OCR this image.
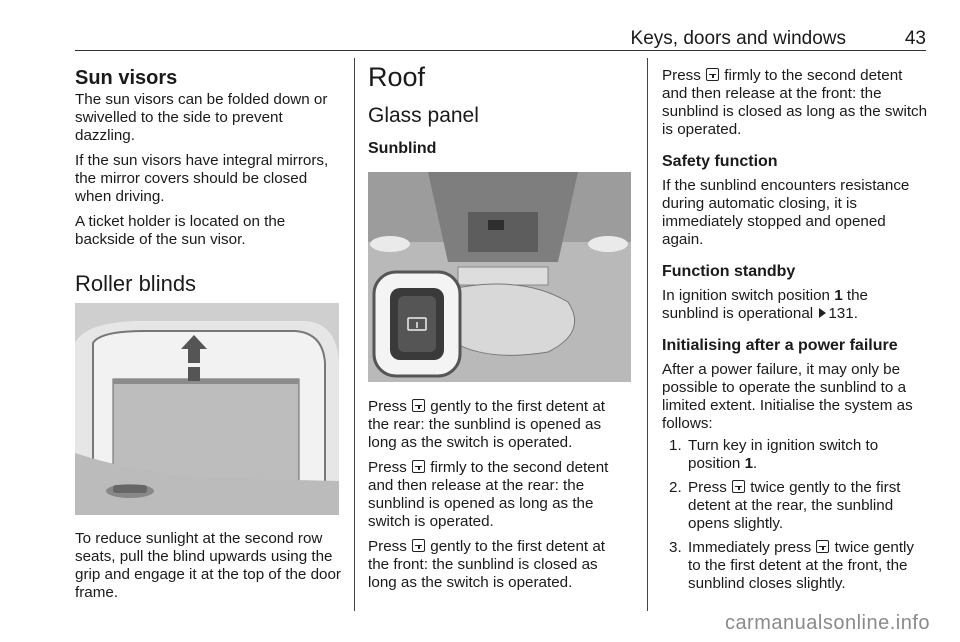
Keys, doors and windows	43
Sun visors

The sun visors can be folded down or swivelled to the side to prevent dazzling.

If the sun visors have integral mirrors, the mirror covers should be closed when driving.

A ticket holder is located on the backside of the sun visor.

Roller blinds

To reduce sunlight at the second row seats, pull the blind upwards using the grip and engage it at the top of the door frame.

Roof
Glass panel
Sunblind

Press  gently to the first detent at the rear: the sunblind is opened as long as the switch is operated.

Press  firmly to the second detent and then release at the rear: the sunblind is opened as long as the switch is operated.

Press  gently to the first detent at the front: the sunblind is closed as long as the switch is operated.

Press  firmly to the second detent and then release at the front: the sunblind is closed as long as the switch is operated.

Safety function

If the sunblind encounters resistance during automatic closing, it is immediately stopped and opened again.

Function standby

In ignition switch position 1 the sunblind is operational 131.

Initialising after a power failure

After a power failure, it may only be possible to operate the sunblind to a limited extent. Initialise the system as follows:

1. Turn key in ignition switch to position 1.
2. Press  twice gently to the first detent at the rear, the sunblind opens slightly.
3. Immediately press  twice gently to the first detent at the front, the sunblind closes slightly.
carmanualsonline.info
